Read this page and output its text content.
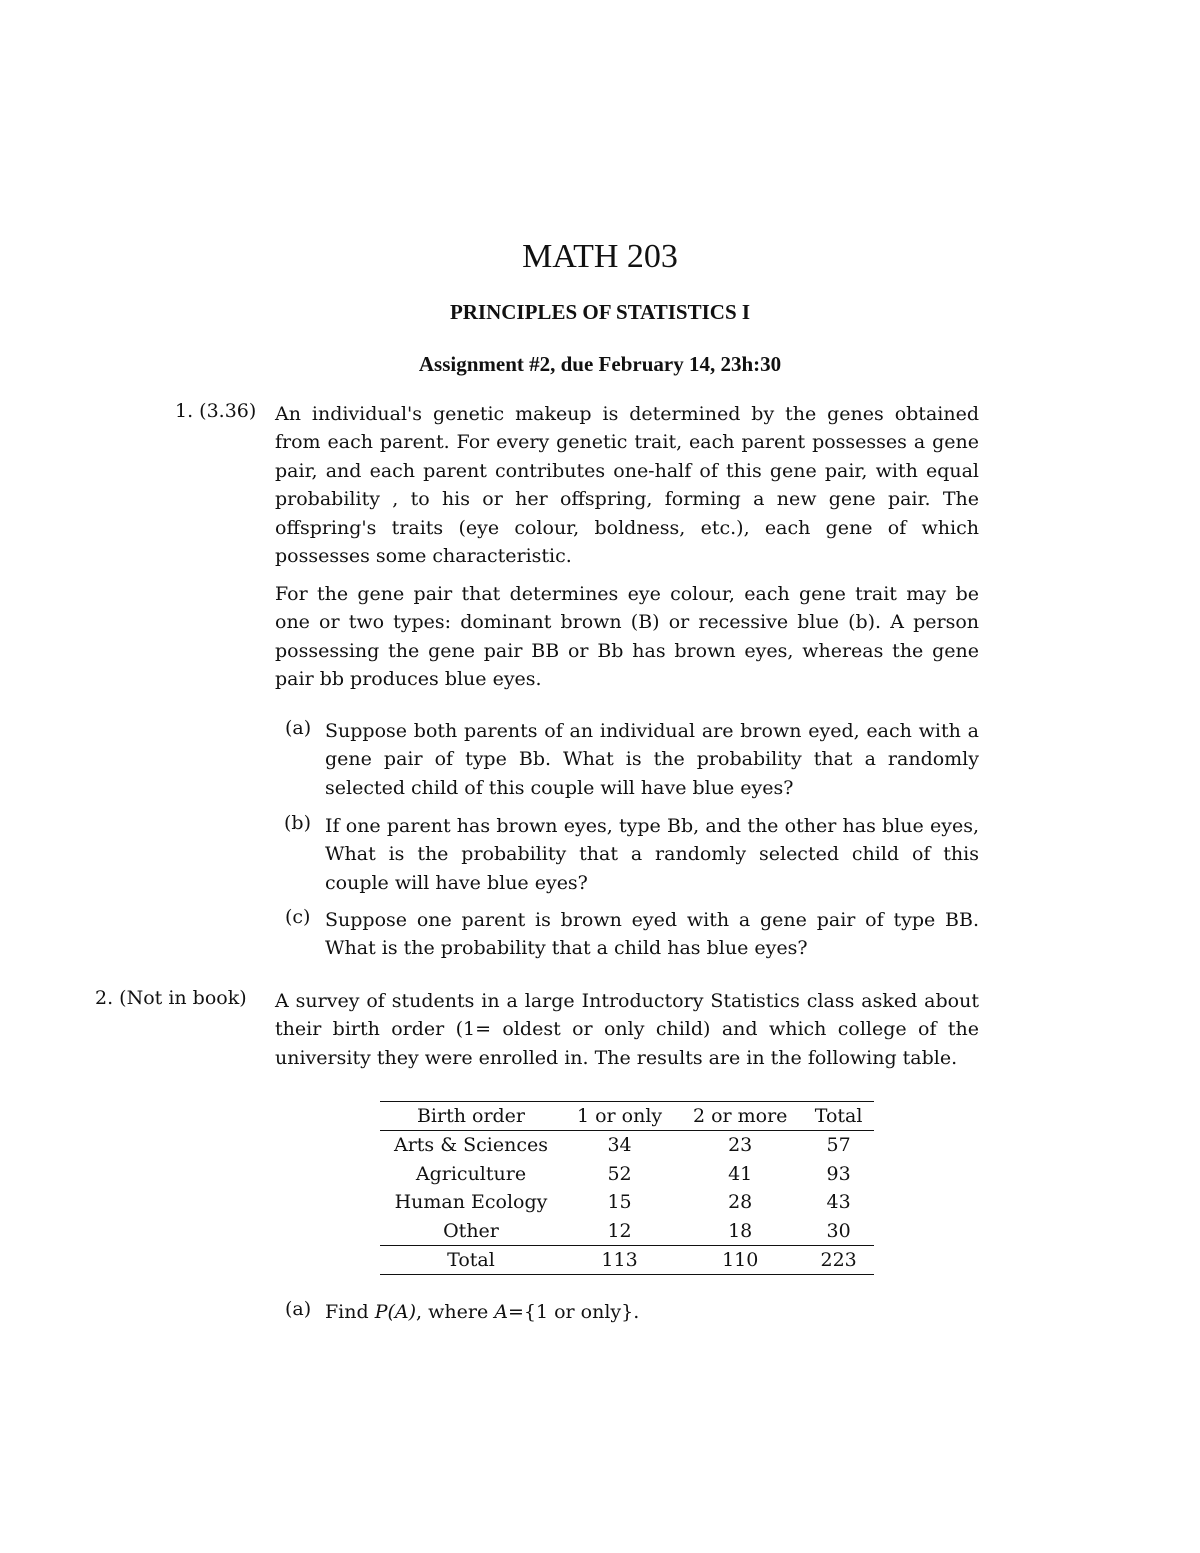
MATH 203
PRINCIPLES OF STATISTICS I
Assignment #2, due February 14, 23h:30
1. (3.36) An individual's genetic makeup is determined by the genes obtained from each parent. For every genetic trait, each parent possesses a gene pair, and each parent contributes one-half of this gene pair, with equal probability , to his or her offspring, forming a new gene pair. The offspring's traits (eye colour, boldness, etc.), each gene of which possesses some characteristic.
For the gene pair that determines eye colour, each gene trait may be one or two types: dominant brown (B) or recessive blue (b). A person possessing the gene pair BB or Bb has brown eyes, whereas the gene pair bb produces blue eyes.
(a) Suppose both parents of an individual are brown eyed, each with a gene pair of type Bb. What is the probability that a randomly selected child of this couple will have blue eyes?
(b) If one parent has brown eyes, type Bb, and the other has blue eyes, What is the probability that a randomly selected child of this couple will have blue eyes?
(c) Suppose one parent is brown eyed with a gene pair of type BB. What is the probability that a child has blue eyes?
2. (Not in book) A survey of students in a large Introductory Statistics class asked about their birth order (1= oldest or only child) and which college of the university they were enrolled in. The results are in the following table.
Birth order	1 or only	2 or more	Total
Arts & Sciences	34	23	57
Agriculture	52	41	93
Human Ecology	15	28	43
Other	12	18	30
Total	113	110	223
(a) Find P(A), where A={1 or only}.
